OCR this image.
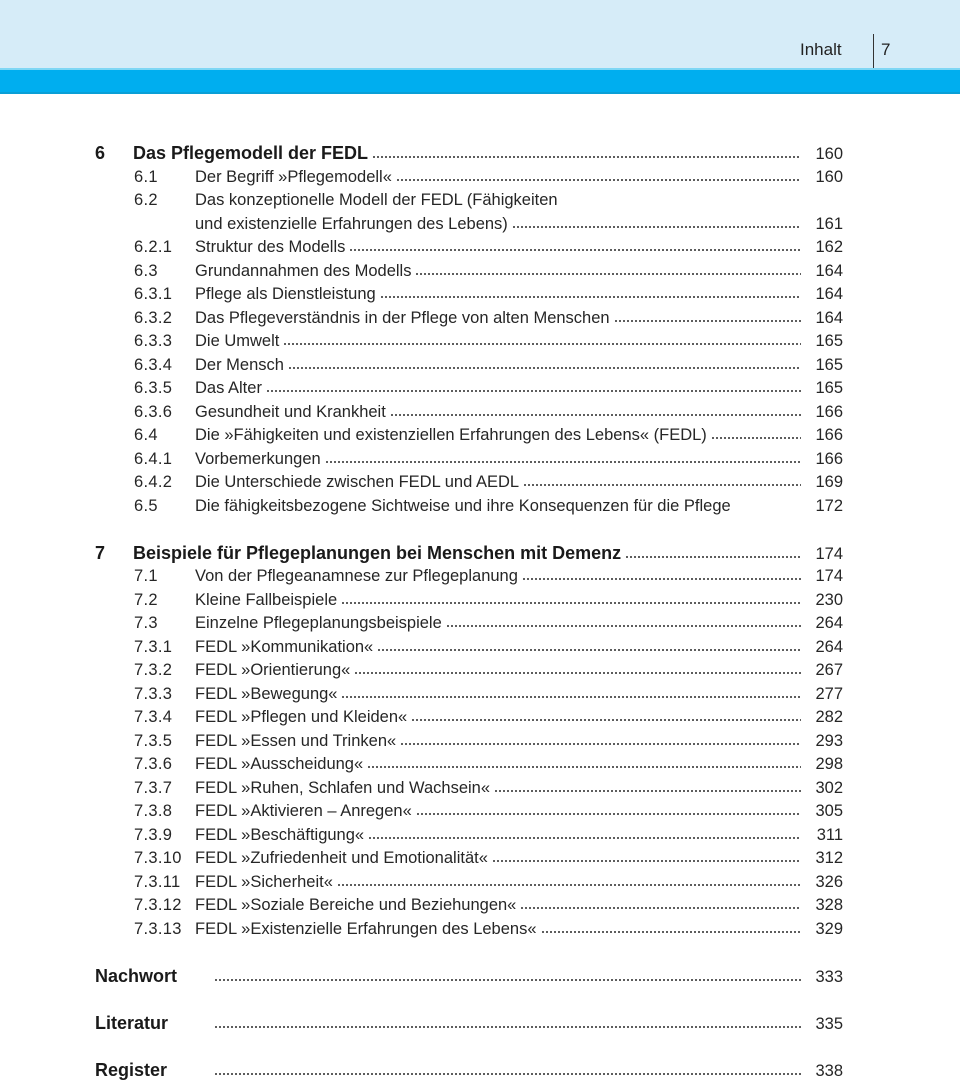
Inhalt 7
6	Das Pflegemodell der FEDL	160
6.1	Der Begriff »Pflegemodell«	160
6.2	Das konzeptionelle Modell der FEDL (Fähigkeiten
und existenzielle Erfahrungen des Lebens)	161
6.2.1	Struktur des Modells	162
6.3	Grundannahmen des Modells	164
6.3.1	Pflege als Dienstleistung	164
6.3.2	Das Pflegeverständnis in der Pflege von alten Menschen	164
6.3.3	Die Umwelt	165
6.3.4	Der Mensch	165
6.3.5	Das Alter	165
6.3.6	Gesundheit und Krankheit	166
6.4	Die »Fähigkeiten und existenziellen Erfahrungen des Lebens« (FEDL)	166
6.4.1	Vorbemerkungen	166
6.4.2	Die Unterschiede zwischen FEDL und AEDL	169
6.5	Die fähigkeitsbezogene Sichtweise und ihre Konsequenzen für die Pflege	172
7	Beispiele für Pflegeplanungen bei Menschen mit Demenz	174
7.1	Von der Pflegeanamnese zur Pflegeplanung	174
7.2	Kleine Fallbeispiele	230
7.3	Einzelne Pflegeplanungsbeispiele	264
7.3.1	FEDL »Kommunikation«	264
7.3.2	FEDL »Orientierung«	267
7.3.3	FEDL »Bewegung«	277
7.3.4	FEDL »Pflegen und Kleiden«	282
7.3.5	FEDL »Essen und Trinken«	293
7.3.6	FEDL »Ausscheidung«	298
7.3.7	FEDL »Ruhen, Schlafen und Wachsein«	302
7.3.8	FEDL »Aktivieren – Anregen«	305
7.3.9	FEDL »Beschäftigung«	311
7.3.10 FEDL »Zufriedenheit und Emotionalität«	312
7.3.11 FEDL »Sicherheit«	326
7.3.12 FEDL »Soziale Bereiche und Beziehungen«	328
7.3.13 FEDL »Existenzielle Erfahrungen des Lebens«	329
Nachwort	333
Literatur	335
Register	338
